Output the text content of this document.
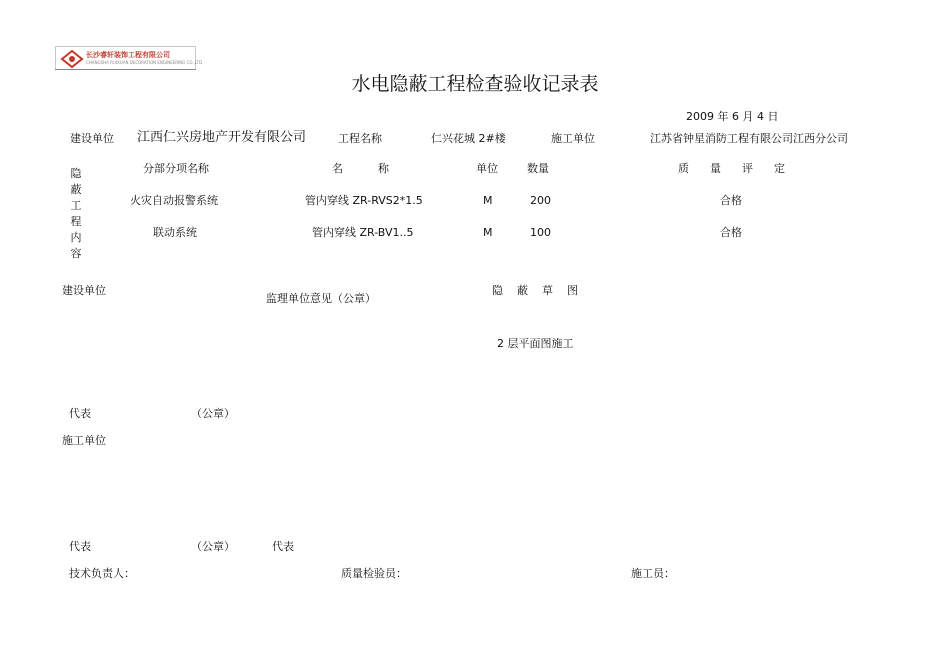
长沙睿轩装饰工程有限公司
CHANGSHA RUIXUAN DECORATION ENGINEERING CO.,LTD
水电隐蔽工程检查验收记录表
2009 年 6 月 4 日
建设单位 江西仁兴房地产开发有限公司	工程名称	仁兴花城 2#楼	施工单位	江苏省钟星消防工程有限公司江西分公司
隐
蔽
工
程
内
容
分部分项名称	名          称	单位	数量	质      量      评      定
火灾自动报警系统	管内穿线 ZR-RVS2*1.5	M	200	合格
联动系统	管内穿线 ZR-BV1..5	M	100	合格
建设单位
监理单位意见（公章）
隐    蔽    草    图
2 层平面图施工
代表	（公章）
施工单位
代表	（公章）	代表
技术负责人：	质量检验员：	施工员：
